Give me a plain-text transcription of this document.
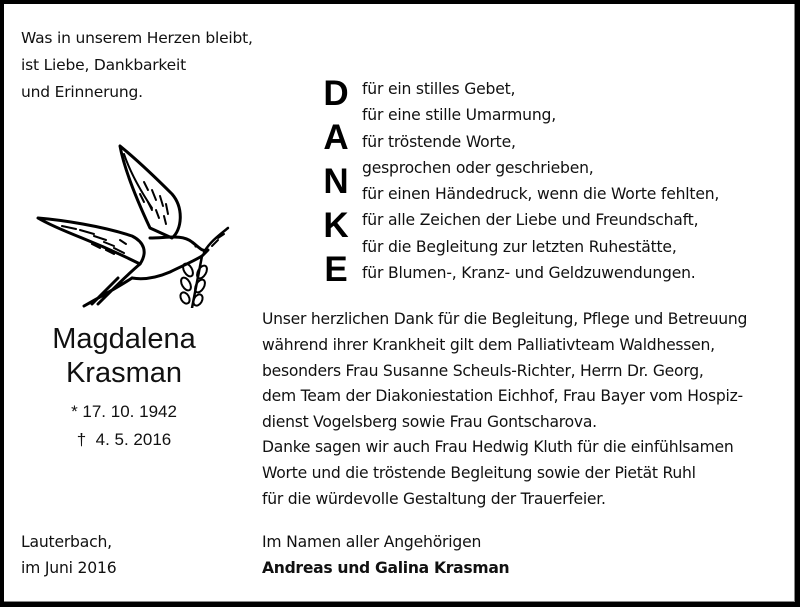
Was in unserem Herzen bleibt,
ist Liebe, Dankbarkeit
und Erinnerung.
Magdalena
Krasman
* 17. 10. 1942
†  4. 5. 2016
D
A
N
K
E
für ein stilles Gebet,
für eine stille Umarmung,
für tröstende Worte,
gesprochen oder geschrieben,
für einen Händedruck, wenn die Worte fehlten,
für alle Zeichen der Liebe und Freundschaft,
für die Begleitung zur letzten Ruhestätte,
für Blumen-, Kranz- und Geldzuwendungen.
Unser herzlichen Dank für die Begleitung, Pflege und Betreuung
während ihrer Krankheit gilt dem Palliativteam Waldhessen,
besonders Frau Susanne Scheuls-Richter, Herrn Dr. Georg,
dem Team der Diakoniestation Eichhof, Frau Bayer vom Hospiz-
dienst Vogelsberg sowie Frau Gontscharova.
Danke sagen wir auch Frau Hedwig Kluth für die einfühlsamen
Worte und die tröstende Begleitung sowie der Pietät Ruhl
für die würdevolle Gestaltung der Trauerfeier.
Lauterbach,
im Juni 2016
Im Namen aller Angehörigen
Andreas und Galina Krasman
